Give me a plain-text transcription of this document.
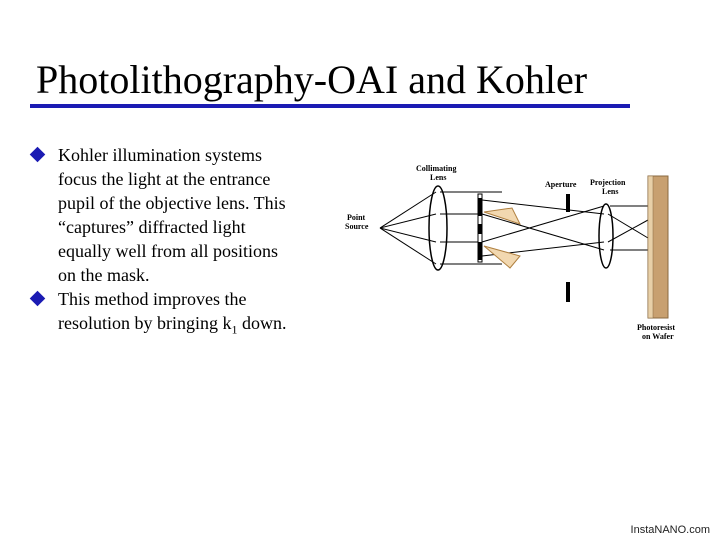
Photolithography-OAI and Kohler
Kohler illumination systems
focus the light at the entrance
pupil of the objective lens. This
“captures” diffracted light
equally well from all positions
on the mask.
This method improves the
resolution by bringing $k_1$ down.
Point
Source
Collimating
Lens
Aperture Projection
Lens
Photoresist
on Wafer
InstaNANO.com
